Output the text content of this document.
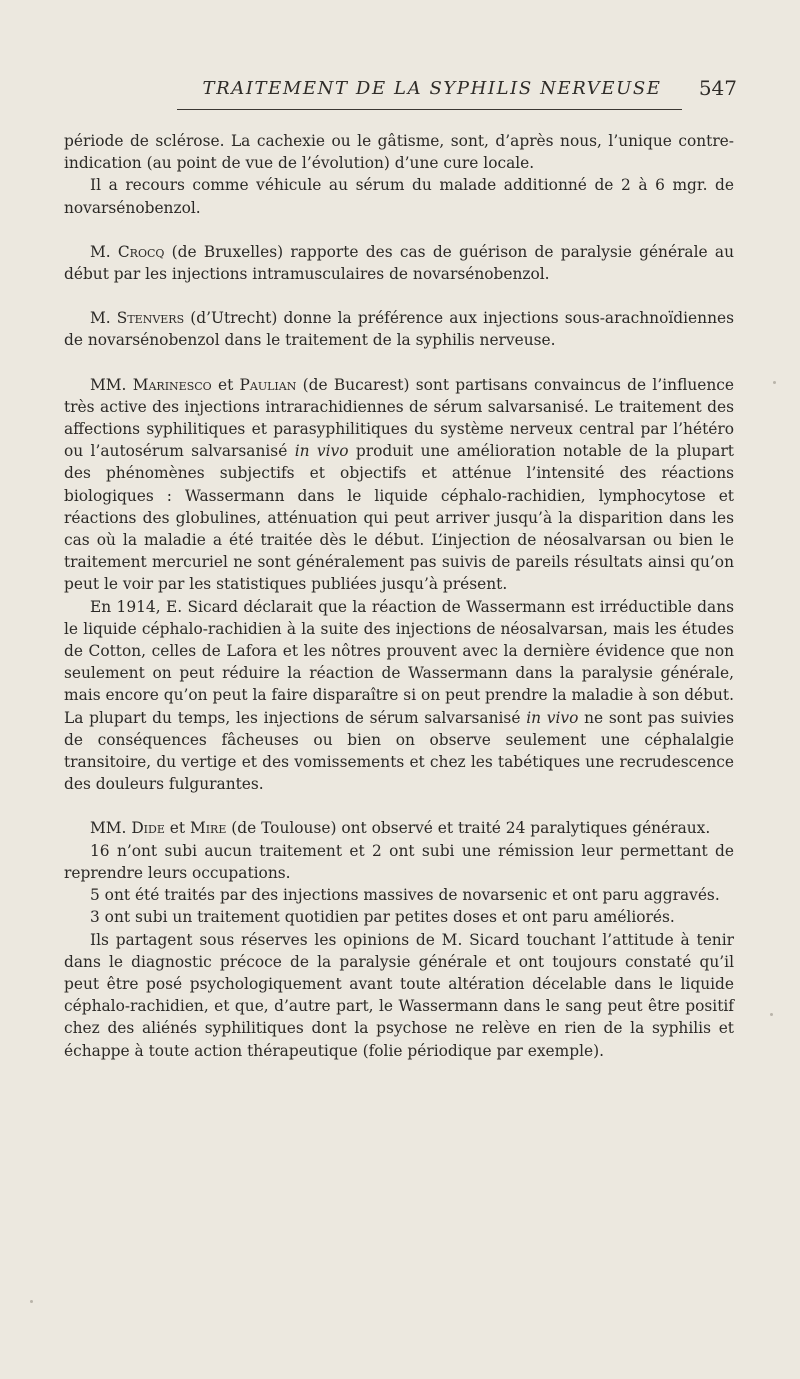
TRAITEMENT DE LA SYPHILIS NERVEUSE	547

période de sclérose. La cachexie ou le gâtisme, sont, d’après nous, l’unique contre-indication (au point de vue de l’évolution) d’une cure locale.

Il a recours comme véhicule au sérum du malade additionné de 2 à 6 mgr. de novarsénobenzol.

M. Crocq (de Bruxelles) rapporte des cas de guérison de paralysie générale au début par les injections intramusculaires de novarsénobenzol.

M. Stenvers (d’Utrecht) donne la préférence aux injections sous-arachnoïdiennes de novarsénobenzol dans le traitement de la syphilis nerveuse.

MM. Marinesco et Paulian (de Bucarest) sont partisans convaincus de l’influence très active des injections intrarachidiennes de sérum salvarsanisé. Le traitement des affections syphilitiques et parasyphilitiques du système nerveux central par l’hétéro ou l’autosérum salvarsanisé in vivo produit une amélioration notable de la plupart des phénomènes subjectifs et objectifs et atténue l’intensité des réactions biologiques : Wassermann dans le liquide céphalo-rachidien, lymphocytose et réactions des globulines, atténuation qui peut arriver jusqu’à la disparition dans les cas où la maladie a été traitée dès le début. L’injection de néosalvarsan ou bien le traitement mercuriel ne sont généralement pas suivis de pareils résultats ainsi qu’on peut le voir par les statistiques publiées jusqu’à présent.

En 1914, E. Sicard déclarait que la réaction de Wassermann est irréductible dans le liquide céphalo-rachidien à la suite des injections de néosalvarsan, mais les études de Cotton, celles de Lafora et les nôtres prouvent avec la dernière évidence que non seulement on peut réduire la réaction de Wassermann dans la paralysie générale, mais encore qu’on peut la faire disparaître si on peut prendre la maladie à son début. La plupart du temps, les injections de sérum salvarsanisé in vivo ne sont pas suivies de conséquences fâcheuses ou bien on observe seulement une céphalalgie transitoire, du vertige et des vomissements et chez les tabétiques une recrudescence des douleurs fulgurantes.

MM. Dide et Mire (de Toulouse) ont observé et traité 24 paralytiques généraux.

16 n’ont subi aucun traitement et 2 ont subi une rémission leur permettant de reprendre leurs occupations.

5 ont été traités par des injections massives de novarsenic et ont paru aggravés.

3 ont subi un traitement quotidien par petites doses et ont paru améliorés.

Ils partagent sous réserves les opinions de M. Sicard touchant l’attitude à tenir dans le diagnostic précoce de la paralysie générale et ont toujours constaté qu’il peut être posé psychologiquement avant toute altération décelable dans le liquide céphalo-rachidien, et que, d’autre part, le Wassermann dans le sang peut être positif chez des aliénés syphilitiques dont la psychose ne relève en rien de la syphilis et échappe à toute action thérapeutique (folie périodique par exemple).
